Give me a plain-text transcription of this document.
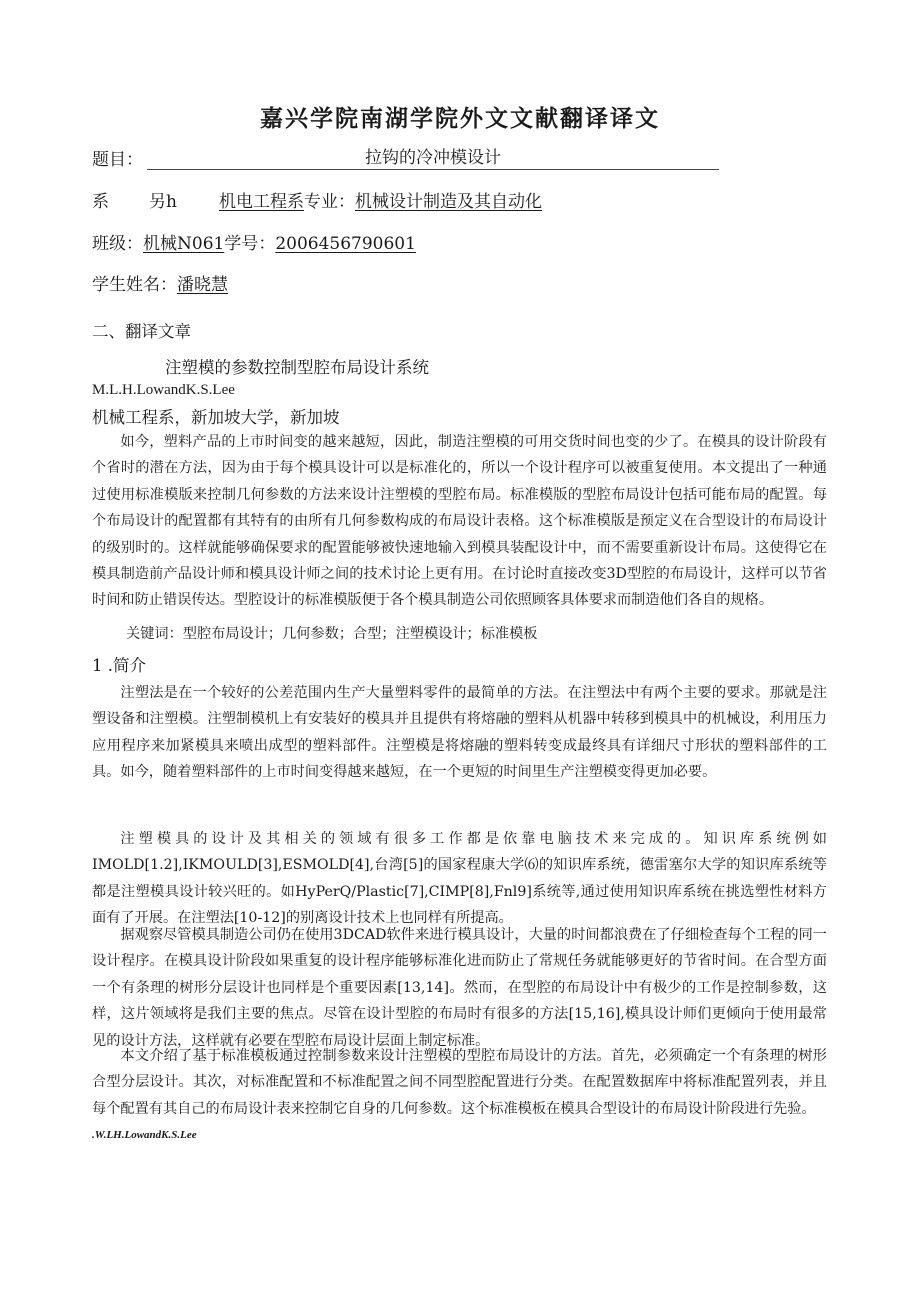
嘉兴学院南湖学院外文文献翻译译文
题目：	拉钩的冷冲模设计
系 另h 机电工程系专业：机械设计制造及其自动化
班级：机械N061学号：2006456790601
学生姓名：潘晓慧
二、翻译文章
注塑模的参数控制型腔布局设计系统
M.L.H.LowandK.S.Lee
机械工程系，新加坡大学，新加坡

如今，塑料产品的上市时间变的越来越短，因此，制造注塑模的可用交货时间也变的少了。在模具的设计阶段有个省时的潜在方法，因为由于每个模具设计可以是标准化的，所以一个设计程序可以被重复使用。本文提出了一种通过使用标准模版来控制几何参数的方法来设计注塑模的型腔布局。标准模版的型腔布局设计包括可能布局的配置。每个布局设计的配置都有其特有的由所有几何参数构成的布局设计表格。这个标准模版是预定义在合型设计的布局设计的级别时的。这样就能够确保要求的配置能够被快速地输入到模具装配设计中，而不需要重新设计布局。这使得它在模具制造前产品设计师和模具设计师之间的技术讨论上更有用。在讨论时直接改变3D型腔的布局设计，这样可以节省时间和防止错误传达。型腔设计的标准模版便于各个模具制造公司依照顾客具体要求而制造他们各自的规格。

关键词：型腔布局设计；几何参数；合型；注塑模设计；标准模板
1 .简介

注塑法是在一个较好的公差范围内生产大量塑料零件的最简单的方法。在注塑法中有两个主要的要求。那就是注塑设备和注塑模。注塑制模机上有安装好的模具并且提供有将熔融的塑料从机器中转移到模具中的机械设，利用压力应用程序来加紧模具来喷出成型的塑料部件。注塑模是将熔融的塑料转变成最终具有详细尺寸形状的塑料部件的工具。如今，随着塑料部件的上市时间变得越来越短，在一个更短的时间里生产注塑模变得更加必要。

注塑模具的设计及其相关的领域有很多工作都是依靠电脑技术来完成的。知识库系统例如IMOLD[1.2],IKMOULD[3],ESMOLD[4],台湾[5]的国家程康大学⑹的知识库系统，德雷塞尔大学的知识库系统等都是注塑模具设计较兴旺的。如HyPerQ∕Plastic[7],CIMP[8],Fnl9]系统等,通过使用知识库系统在挑选塑性材料方面有了开展。在注塑法[10-12]的别离设计技术上也同样有所提高。

据观察尽管模具制造公司仍在使用3DCAD软件来进行模具设计，大量的时间都浪费在了仔细检查每个工程的同一设计程序。在模具设计阶段如果重复的设计程序能够标准化进而防止了常规任务就能够更好的节省时间。在合型方面一个有条理的树形分层设计也同样是个重要因素[13,14]。然而，在型腔的布局设计中有极少的工作是控制参数，这样，这片领域将是我们主要的焦点。尽管在设计型腔的布局时有很多的方法[15,16],模具设计师们更倾向于使用最常见的设计方法，这样就有必要在型腔布局设计层面上制定标准。

本文介绍了基于标准模板通过控制参数来设计注塑模的型腔布局设计的方法。首先，必须确定一个有条理的树形合型分层设计。其次，对标准配置和不标准配置之间不同型腔配置进行分类。在配置数据库中将标准配置列表，并且每个配置有其自己的布局设计表来控制它自身的几何参数。这个标准模板在模具合型设计的布局设计阶段进行先验。

.W.LH.LowandK.S.Lee
